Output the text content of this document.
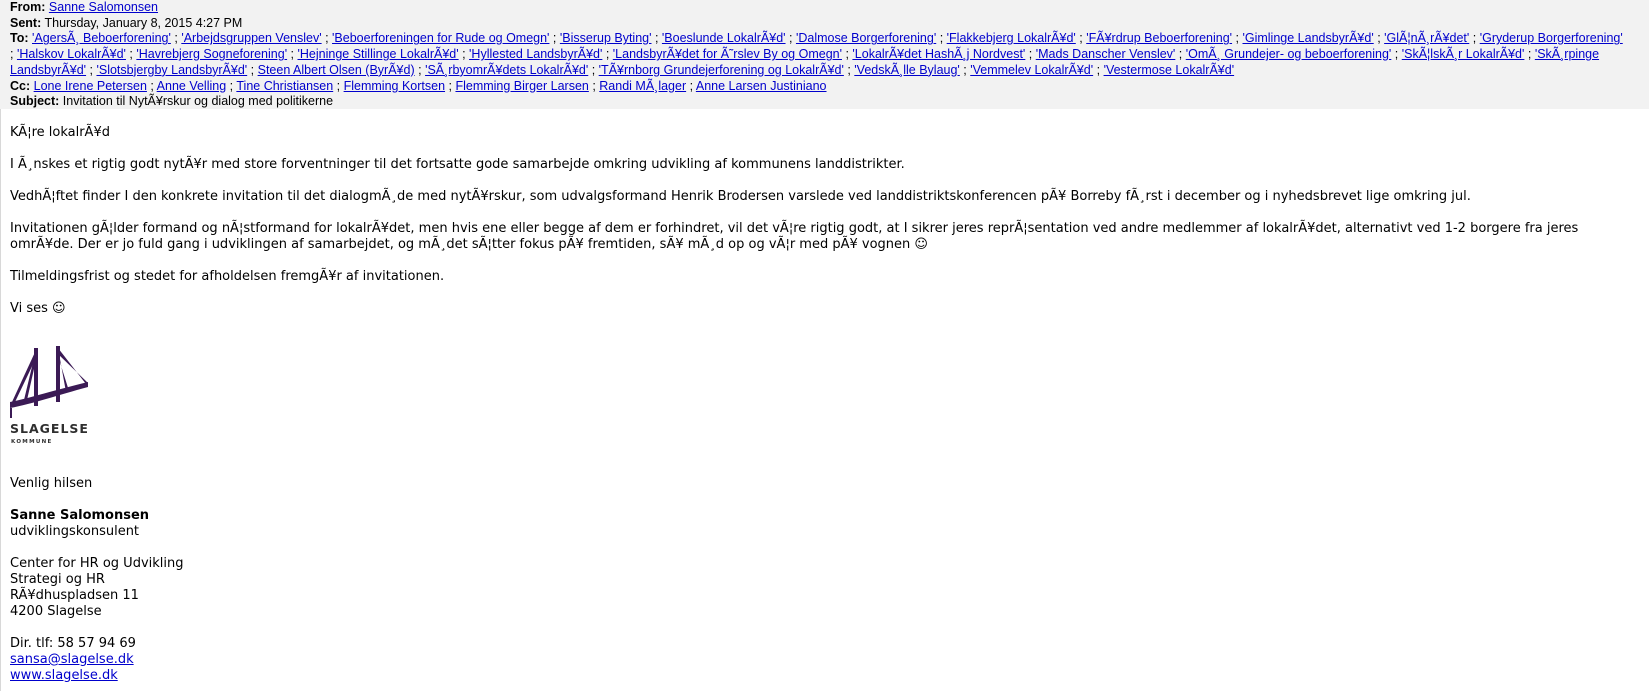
From: Sanne Salomonsen
Sent: Thursday, January 8, 2015 4:27 PM
To: 'AgersÃ¸ Beboerforening' ; 'Arbejdsgruppen Venslev' ; 'Beboerforeningen for Rude og Omegn' ; 'Bisserup Byting' ; 'Boeslunde LokalrÃ¥d' ; 'Dalmose Borgerforening' ; 'Flakkebjerg LokalrÃ¥d' ; 'FÃ¥rdrup Beboerforening' ; 'Gimlinge LandsbyrÃ¥d' ; 'GlÃ¦nÃ¸rÃ¥det' ; 'Gryderup Borgerforening' ; 'Halskov LokalrÃ¥d' ; 'Havrebjerg Sogneforening' ; 'Hejninge Stillinge LokalrÃ¥d' ; 'Hyllested LandsbyrÃ¥d' ; 'LandsbyrÃ¥det for Ã˜rslev By og Omegn' ; 'LokalrÃ¥det HashÃ¸j Nordvest' ; 'Mads Danscher Venslev' ; 'OmÃ¸ Grundejer- og beboerforening' ; 'SkÃ¦lskÃ¸r LokalrÃ¥d' ; 'SkÃ¸rpinge LandsbyrÃ¥d' ; 'Slotsbjergby LandsbyrÃ¥d' ; Steen Albert Olsen (ByrÃ¥d) ; 'SÃ¸rbyomrÃ¥dets LokalrÃ¥d' ; 'TÃ¥rnborg Grundejerforening og LokalrÃ¥d' ; 'VedskÃ¸lle Bylaug' ; 'Vemmelev LokalrÃ¥d' ; 'Vestermose LokalrÃ¥d'
Cc: Lone Irene Petersen ; Anne Velling ; Tine Christiansen ; Flemming Kortsen ; Flemming Birger Larsen ; Randi MÃ¸lager ; Anne Larsen Justiniano
Subject: Invitation til NytÃ¥rskur og dialog med politikerne

KÃ¦re lokalrÃ¥d

I Ã¸nskes et rigtig godt nytÃ¥r med store forventninger til det fortsatte gode samarbejde omkring udvikling af kommunens landdistrikter.

VedhÃ¦ftet finder I den konkrete invitation til det dialogmÃ¸de med nytÃ¥rskur, som udvalgsformand Henrik Brodersen varslede ved landdistriktskonferencen pÃ¥ Borreby fÃ¸rst i december og i nyhedsbrevet lige omkring jul.

Invitationen gÃ¦lder formand og nÃ¦stformand for lokalrÃ¥det, men hvis ene eller begge af dem er forhindret, vil det vÃ¦re rigtig godt, at I sikrer jeres reprÃ¦sentation ved andre medlemmer af lokalrÃ¥det, alternativt ved 1-2 borgere fra jeres omrÃ¥de. Der er jo fuld gang i udviklingen af samarbejdet, og mÃ¸det sÃ¦tter fokus pÃ¥ fremtiden, sÃ¥ mÃ¸d op og vÃ¦r med pÃ¥ vognen ☺

Tilmeldingsfrist og stedet for afholdelsen fremgÃ¥r af invitationen.

Vi ses ☺

SLAGELSE
KOMMUNE
Venlig hilsen
Sanne Salomonsen
udviklingskonsulent
Center for HR og Udvikling
Strategi og HR
RÃ¥dhuspladsen 11
4200 Slagelse
Dir. tlf: 58 57 94 69
sansa@slagelse.dk
www.slagelse.dk
